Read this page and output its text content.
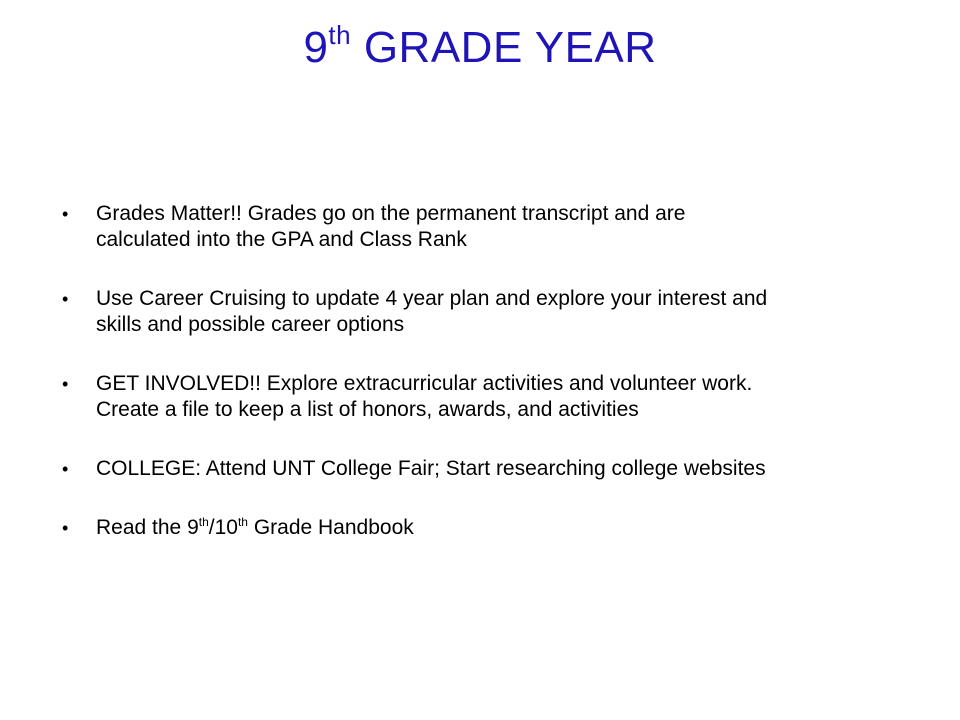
9th GRADE YEAR
•	Grades Matter!! Grades go on the permanent transcript and are
calculated into the GPA and Class Rank
•	Use Career Cruising to update 4 year plan and explore your interest and
skills and possible career options
•	GET INVOLVED!! Explore extracurricular activities and volunteer work.
Create a file to keep a list of honors, awards, and activities
•	COLLEGE: Attend UNT College Fair; Start researching college websites
•	Read the 9th/10th Grade Handbook
